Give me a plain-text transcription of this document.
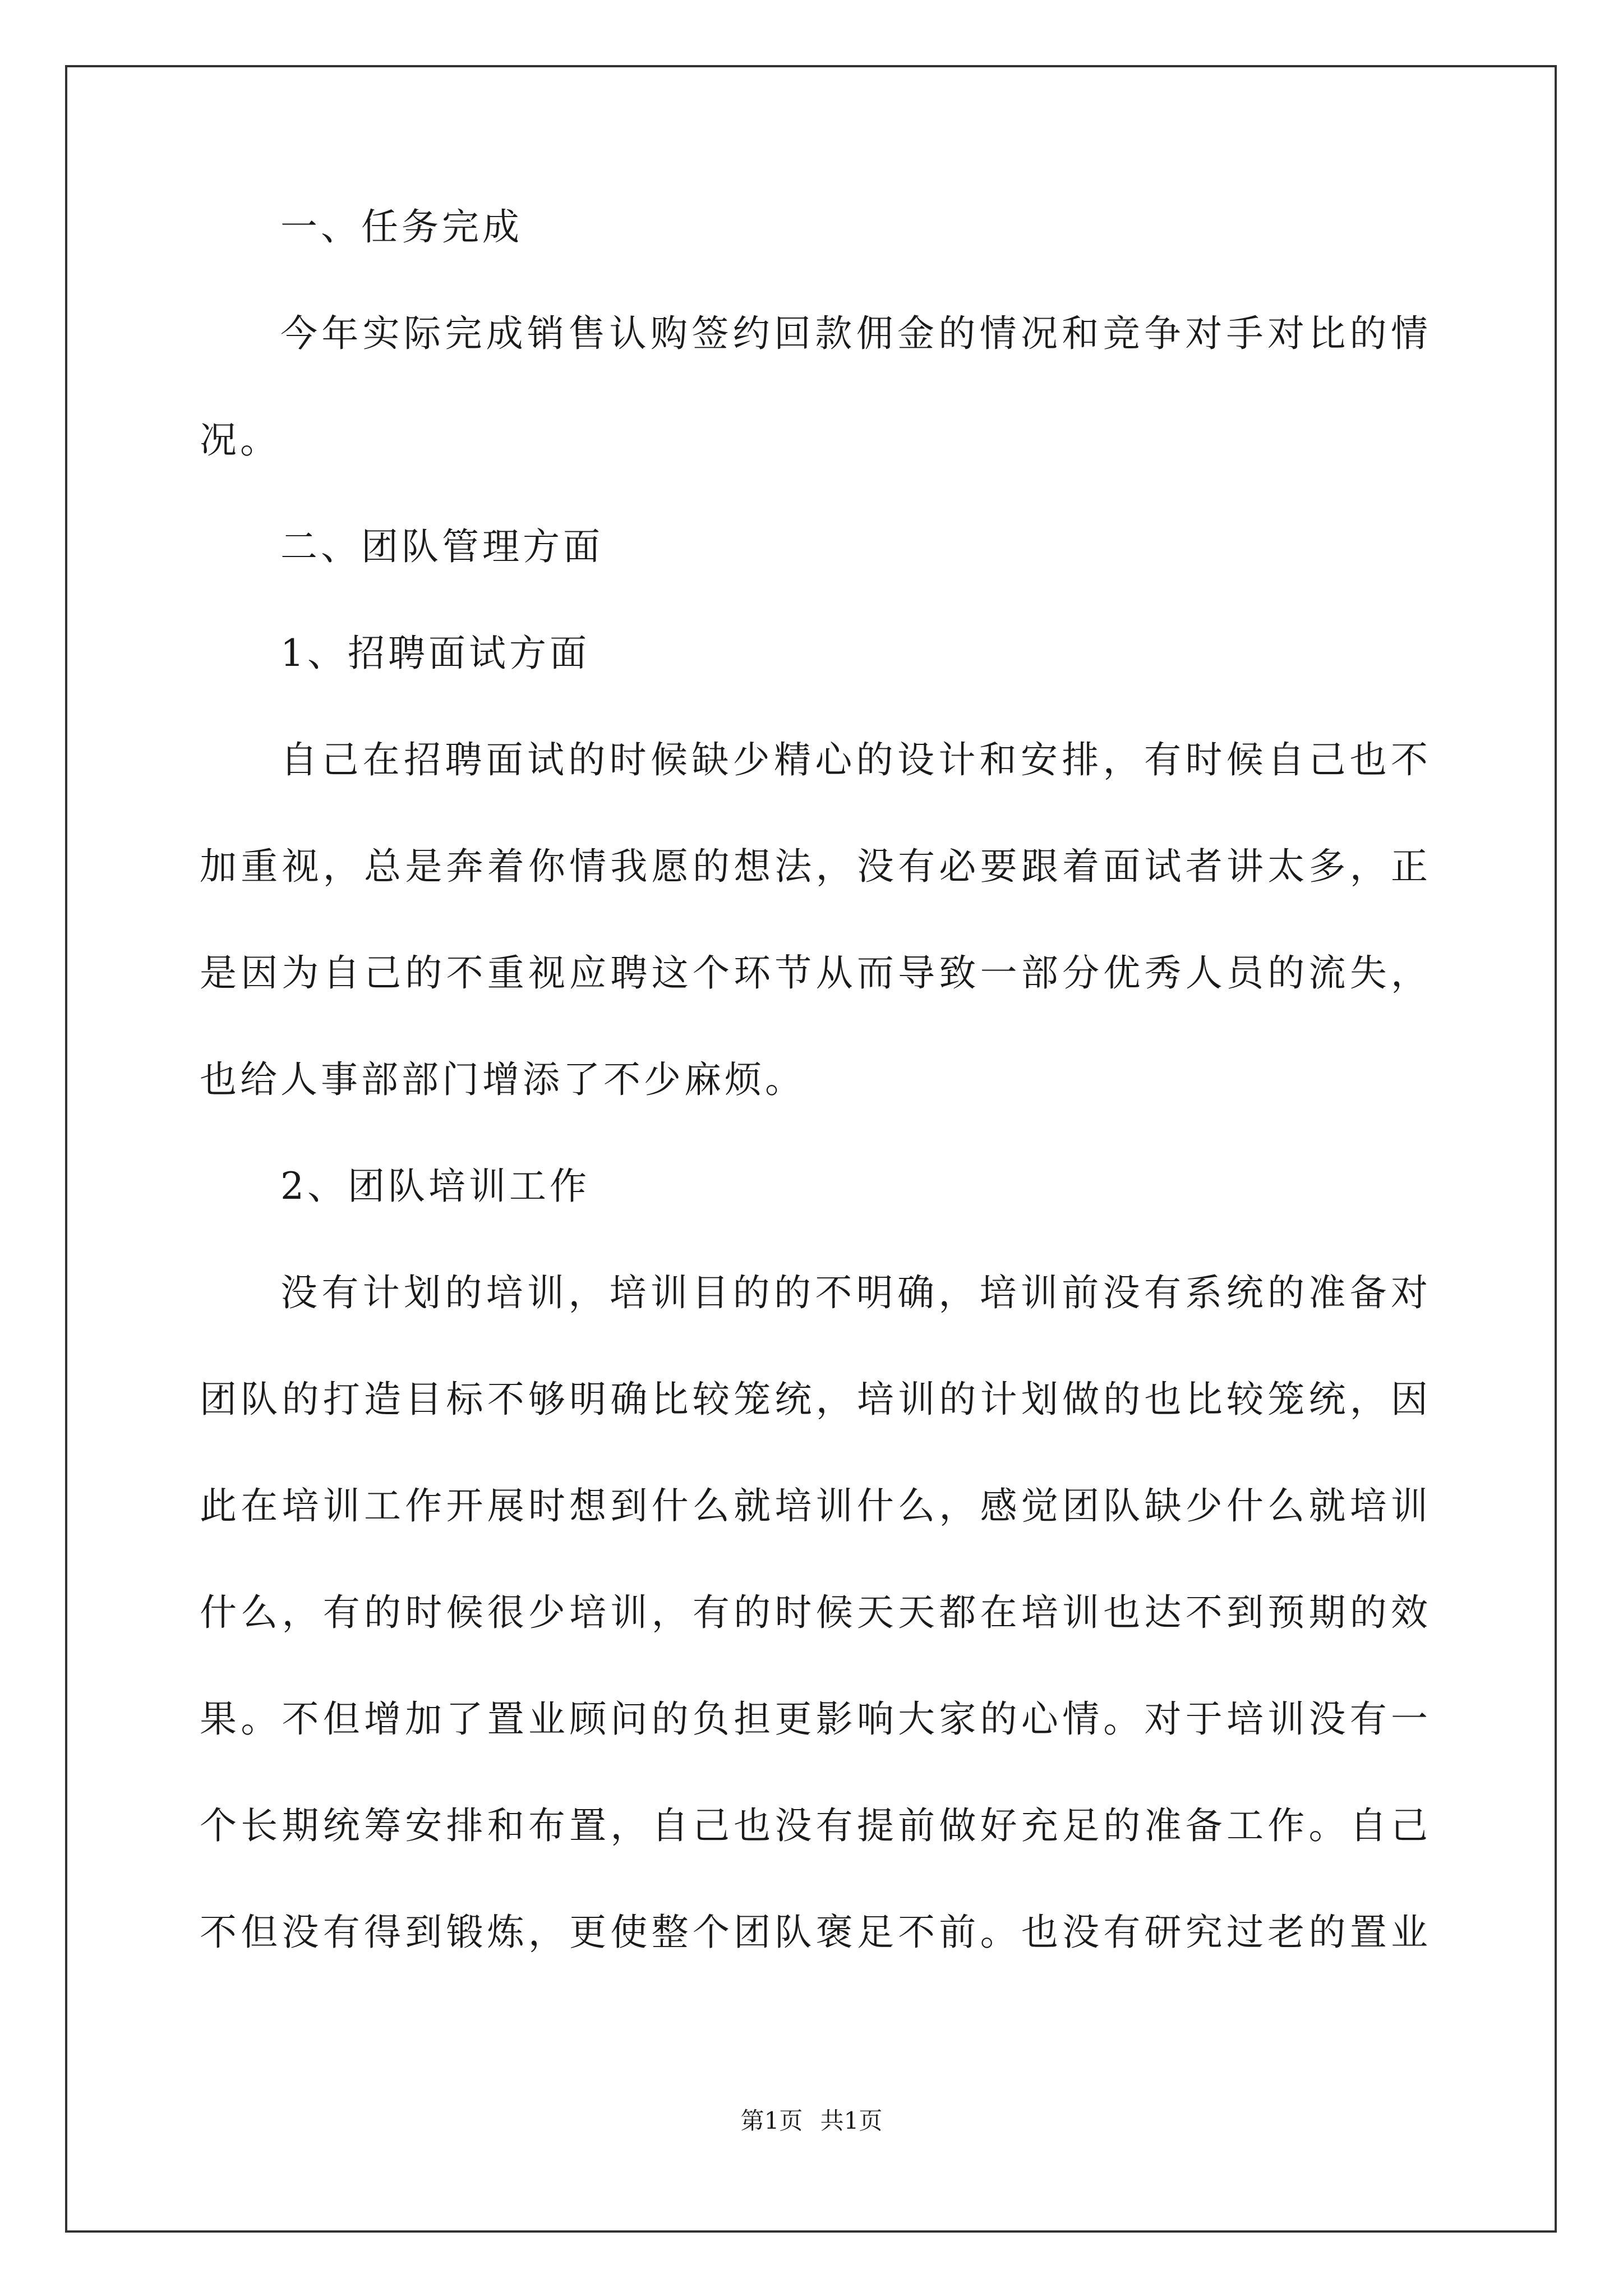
一、任务完成
今年实际完成销售认购签约回款佣金的情况和竞争对手对比的情
况。
二、团队管理方面
1、招聘面试方面
自己在招聘面试的时候缺少精心的设计和安排，有时候自己也不
加重视，总是奔着你情我愿的想法，没有必要跟着面试者讲太多，正
是因为自己的不重视应聘这个环节从而导致一部分优秀人员的流失，
也给人事部部门增添了不少麻烦。
2、团队培训工作
没有计划的培训，培训目的的不明确，培训前没有系统的准备对
团队的打造目标不够明确比较笼统，培训的计划做的也比较笼统，因
此在培训工作开展时想到什么就培训什么，感觉团队缺少什么就培训
什么，有的时候很少培训，有的时候天天都在培训也达不到预期的效
果。不但增加了置业顾问的负担更影响大家的心情。对于培训没有一
个长期统筹安排和布置，自己也没有提前做好充足的准备工作。自己
不但没有得到锻炼，更使整个团队褒足不前。也没有研究过老的置业
第1页 共1页
